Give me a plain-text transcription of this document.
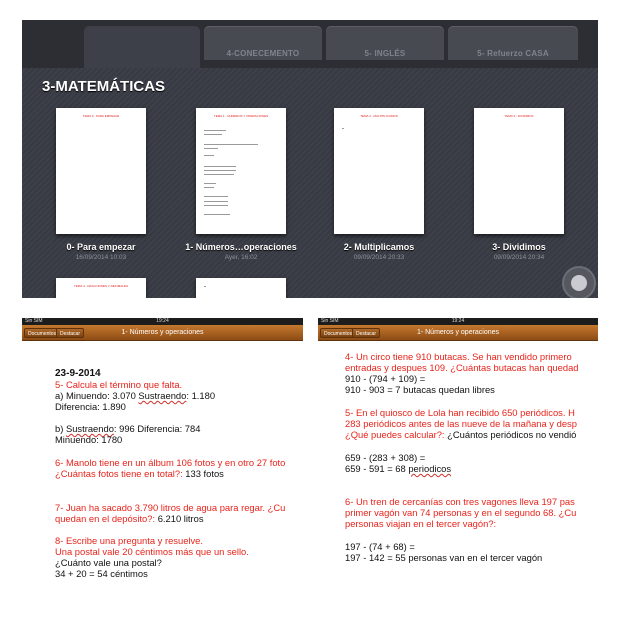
4-CONECEMENTO	5- INGLÉS	5- Refuerzo CASA
3-MATEMÁTICAS
TEMA 0 - PARA EMPEZAR
0- Para empezar
16/09/2014 10:03
TEMA 1 - NÚMEROS Y OPERACIONES
1- Números…operaciones
Ayer, 16:02
TEMA 2 - MULTIPLICAMOS
2- Multiplicamos
09/09/2014 20:33
TEMA 3 - DIVIDIMOS
3- Dividimos
09/09/2014 20:34
TEMA 4 - FRACCIONES Y DECIMALES
Sin SIM	19:24
Documentos Destacar	1- Números y operaciones
23-9-2014
5- Calcula el término que falta.
a) Minuendo: 3.070 Sustraendo: 1.180
Diferencia: 1.890
b) Sustraendo: 996 Diferencia: 784
Minuendo: 1780
6- Manolo tiene en un álbum 106 fotos y en otro 27 foto
¿Cuántas fotos tiene en total?: 133 fotos
7- Juan ha sacado 3.790 litros de agua para regar. ¿Cu
quedan en el depósito?: 6.210 litros
8- Escribe una pregunta y resuelve.
Una postal vale 20 céntimos más que un sello.
¿Cuánto vale una postal?
34 + 20 = 54 céntimos
Sin SIM	19:24
Documentos Destacar	1- Números y operaciones
4- Un circo tiene 910 butacas. Se han vendido primero
entradas y despues 109. ¿Cuántas butacas han quedad
910 - (794 + 109) =
910 - 903 = 7 butacas quedan libres
5- En el quiosco de Lola han recibido 650 periódicos. H
283 periódicos antes de las nueve de la mañana y desp
¿Qué puedes calcular?: ¿Cuántos periódicos no vendió
659 - (283 + 308) =
659 - 591 = 68 periodicos
6- Un tren de cercanías con tres vagones lleva 197 pas
primer vagón van 74 personas y en el segundo 68. ¿Cu
personas viajan en el tercer vagón?:
197 - (74 + 68) =
197 - 142 = 55 personas van en el tercer vagón
